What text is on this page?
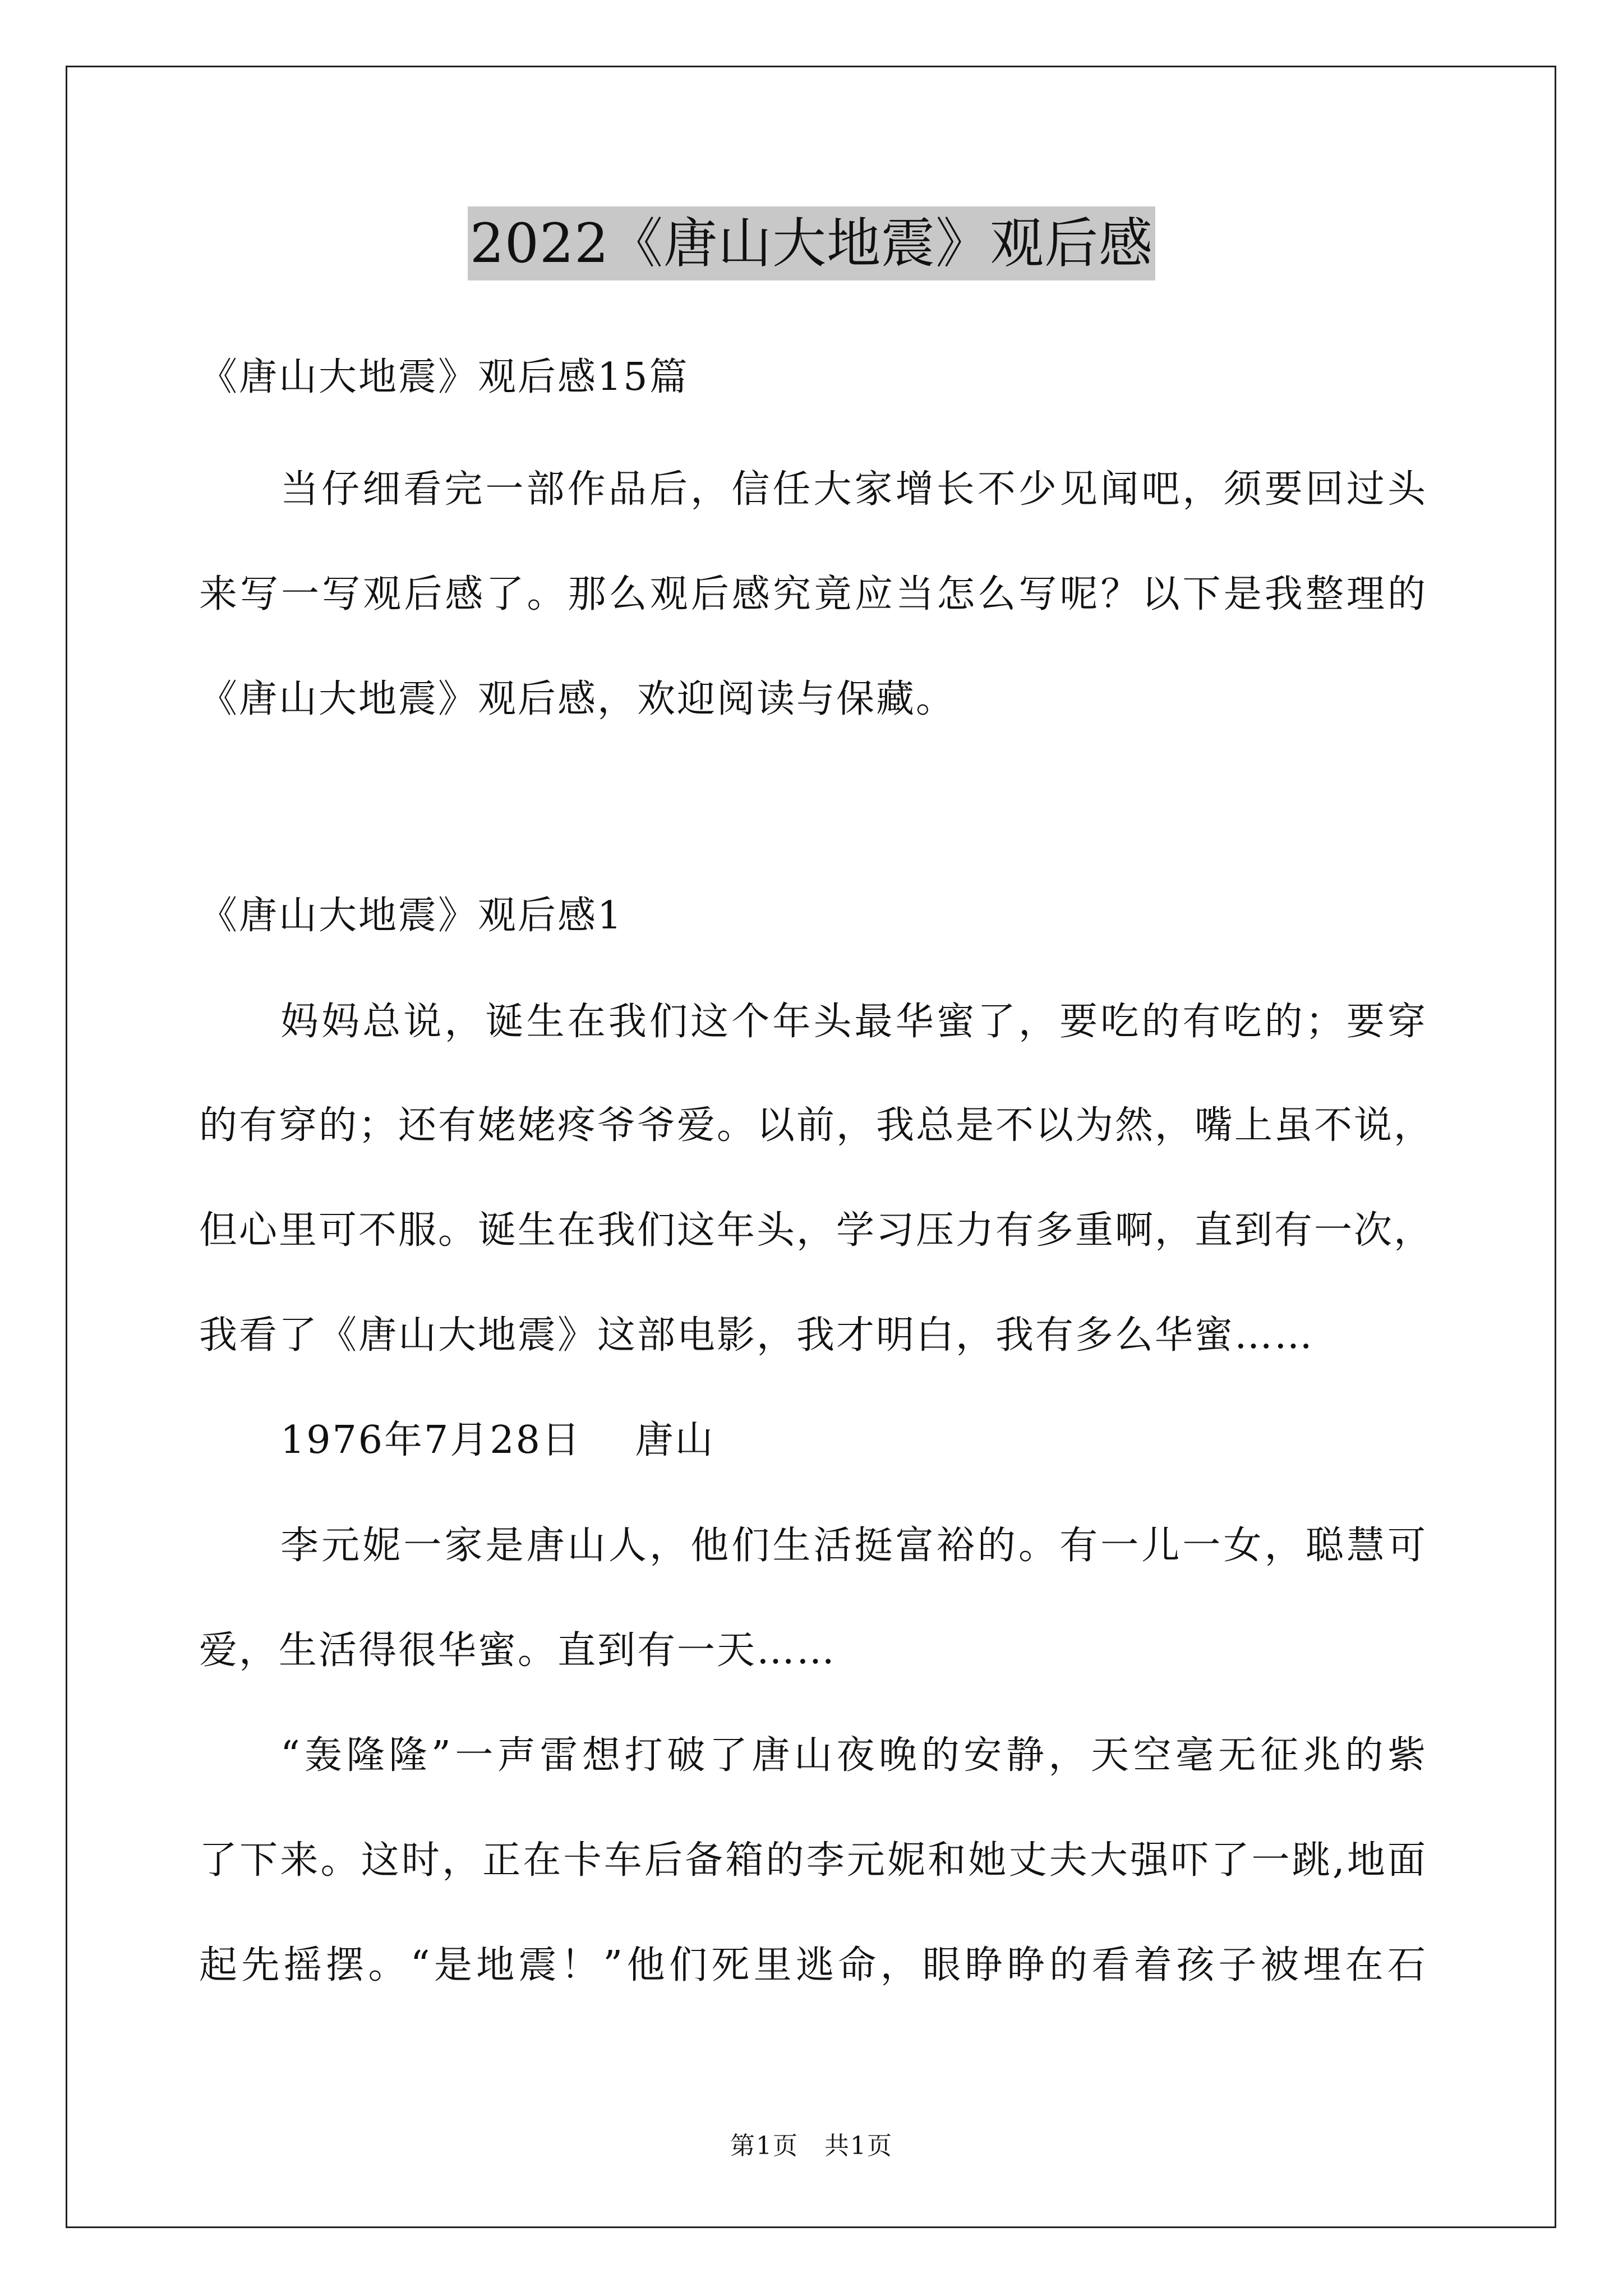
2022《唐山大地震》观后感
《唐山大地震》观后感15篇
当仔细看完一部作品后，信任大家增长不少见闻吧，须要回过头
来写一写观后感了。那么观后感究竟应当怎么写呢？以下是我整理的
《唐山大地震》观后感，欢迎阅读与保藏。
《唐山大地震》观后感1
妈妈总说，诞生在我们这个年头最华蜜了，要吃的有吃的；要穿
的有穿的；还有姥姥疼爷爷爱。以前，我总是不以为然，嘴上虽不说，
但心里可不服。诞生在我们这年头，学习压力有多重啊，直到有一次，
我看了《唐山大地震》这部电影，我才明白，我有多么华蜜……
1976年7月28日　 唐山
李元妮一家是唐山人，他们生活挺富裕的。有一儿一女，聪慧可
爱，生活得很华蜜。直到有一天……
“轰隆隆”一声雷想打破了唐山夜晚的安静，天空毫无征兆的紫
了下来。这时，正在卡车后备箱的李元妮和她丈夫大强吓了一跳,地面
起先摇摆。“是地震！”他们死里逃命，眼睁睁的看着孩子被埋在石
第1页　共1页
